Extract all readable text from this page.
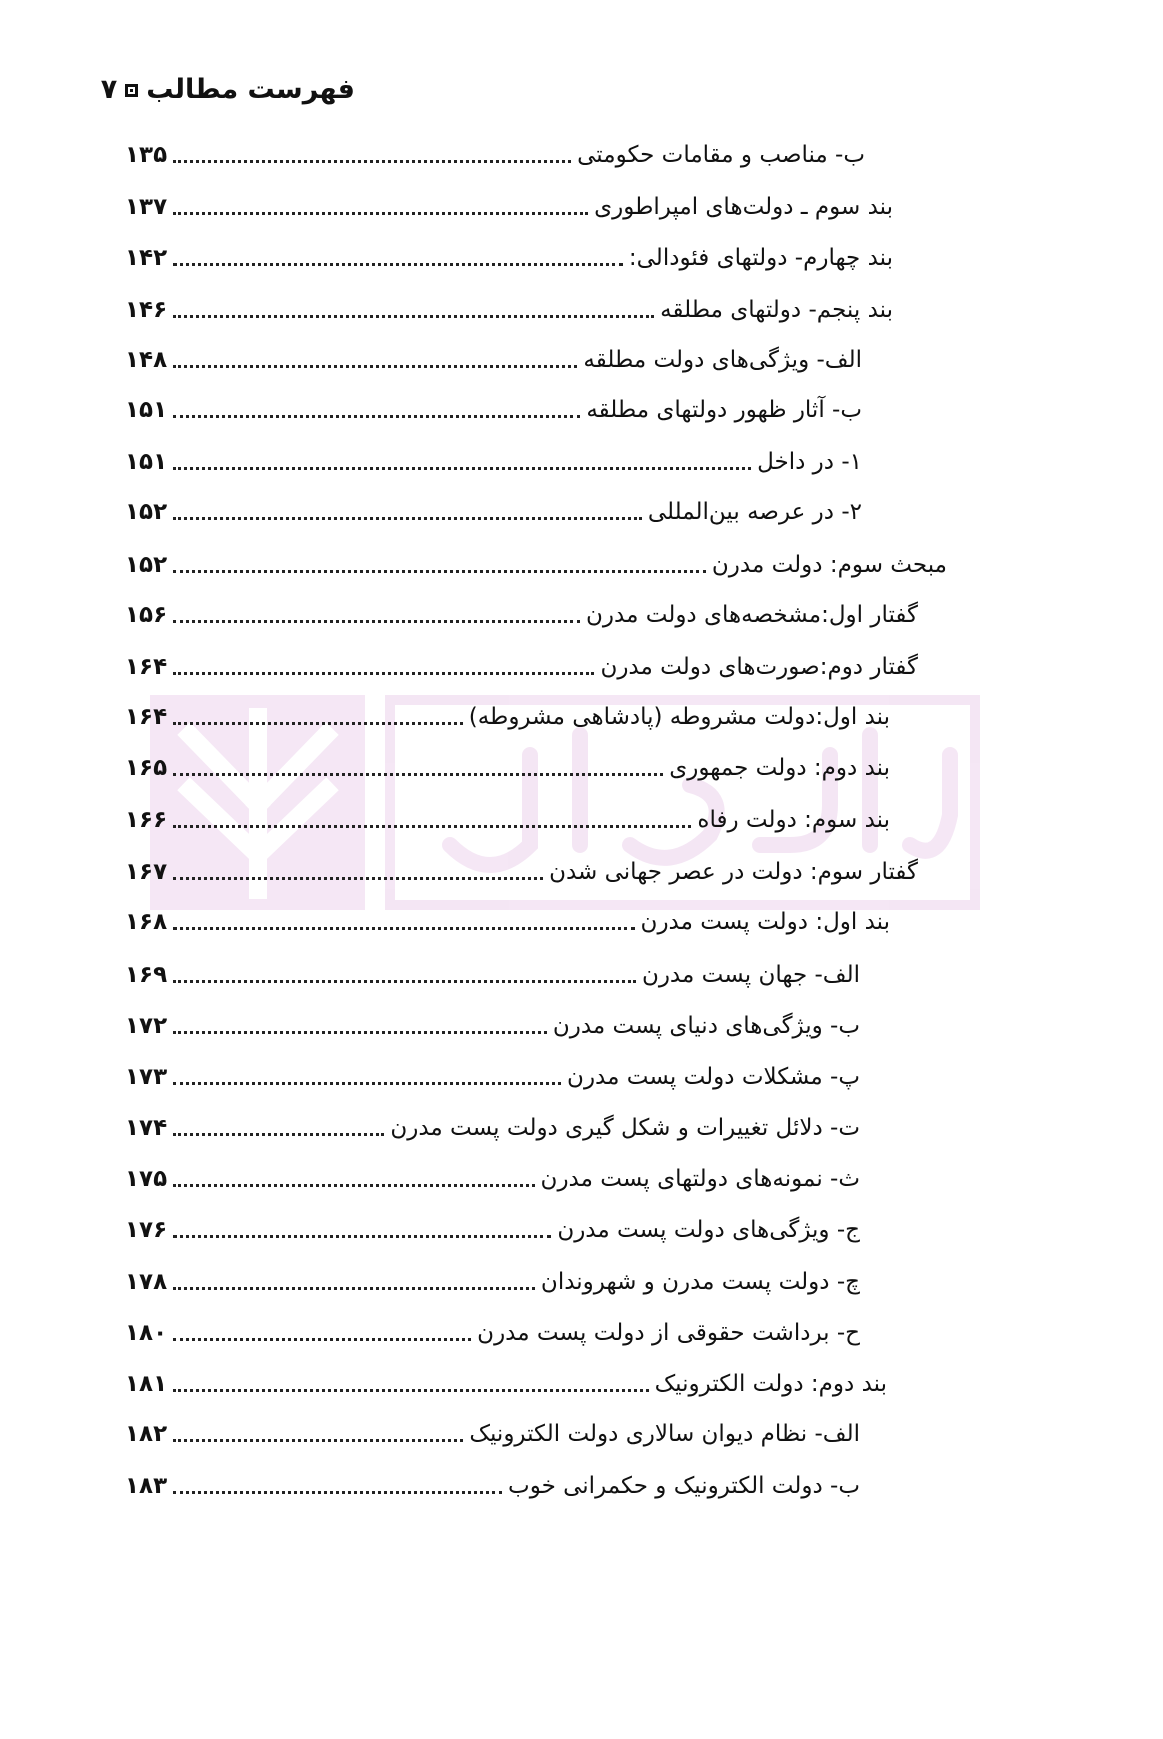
فهرست مطالب۷
ب- مناصب و مقامات حکومتی
۱۳۵
بند سوم ـ دولت‌های امپراطوری
۱۳۷
بند چهارم- دولتهای فئودالی:
۱۴۲
بند پنجم- دولتهای مطلقه
۱۴۶
الف- ویژگی‌های دولت مطلقه
۱۴۸
ب- آثار ظهور دولتهای مطلقه
۱۵۱
۱- در داخل
۱۵۱
۲- در عرصه بین‌المللی
۱۵۲
مبحث سوم: دولت مدرن
۱۵۲
گفتار اول:مشخصه‌های دولت مدرن
۱۵۶
گفتار دوم:صورت‌های دولت مدرن
۱۶۴
بند اول:دولت مشروطه (پادشاهی مشروطه)
۱۶۴
بند دوم: دولت جمهوری
۱۶۵
بند سوم: دولت رفاه
۱۶۶
گفتار سوم: دولت در عصر جهانی شدن
۱۶۷
بند اول: دولت پست مدرن
۱۶۸
الف- جهان پست مدرن
۱۶۹
ب- ویژگی‌های دنیای پست مدرن
۱۷۲
پ- مشکلات دولت پست مدرن
۱۷۳
ت- دلائل تغییرات و شکل گیری دولت پست مدرن
۱۷۴
ث- نمونه‌های دولتهای پست مدرن
۱۷۵
ج- ویژگی‌های دولت پست مدرن
۱۷۶
چ- دولت پست مدرن و شهروندان
۱۷۸
ح- برداشت حقوقی از دولت پست مدرن
۱۸۰
بند دوم: دولت الکترونیک
۱۸۱
الف- نظام دیوان سالاری دولت الکترونیک
۱۸۲
ب- دولت الکترونیک و حکمرانی خوب
۱۸۳
